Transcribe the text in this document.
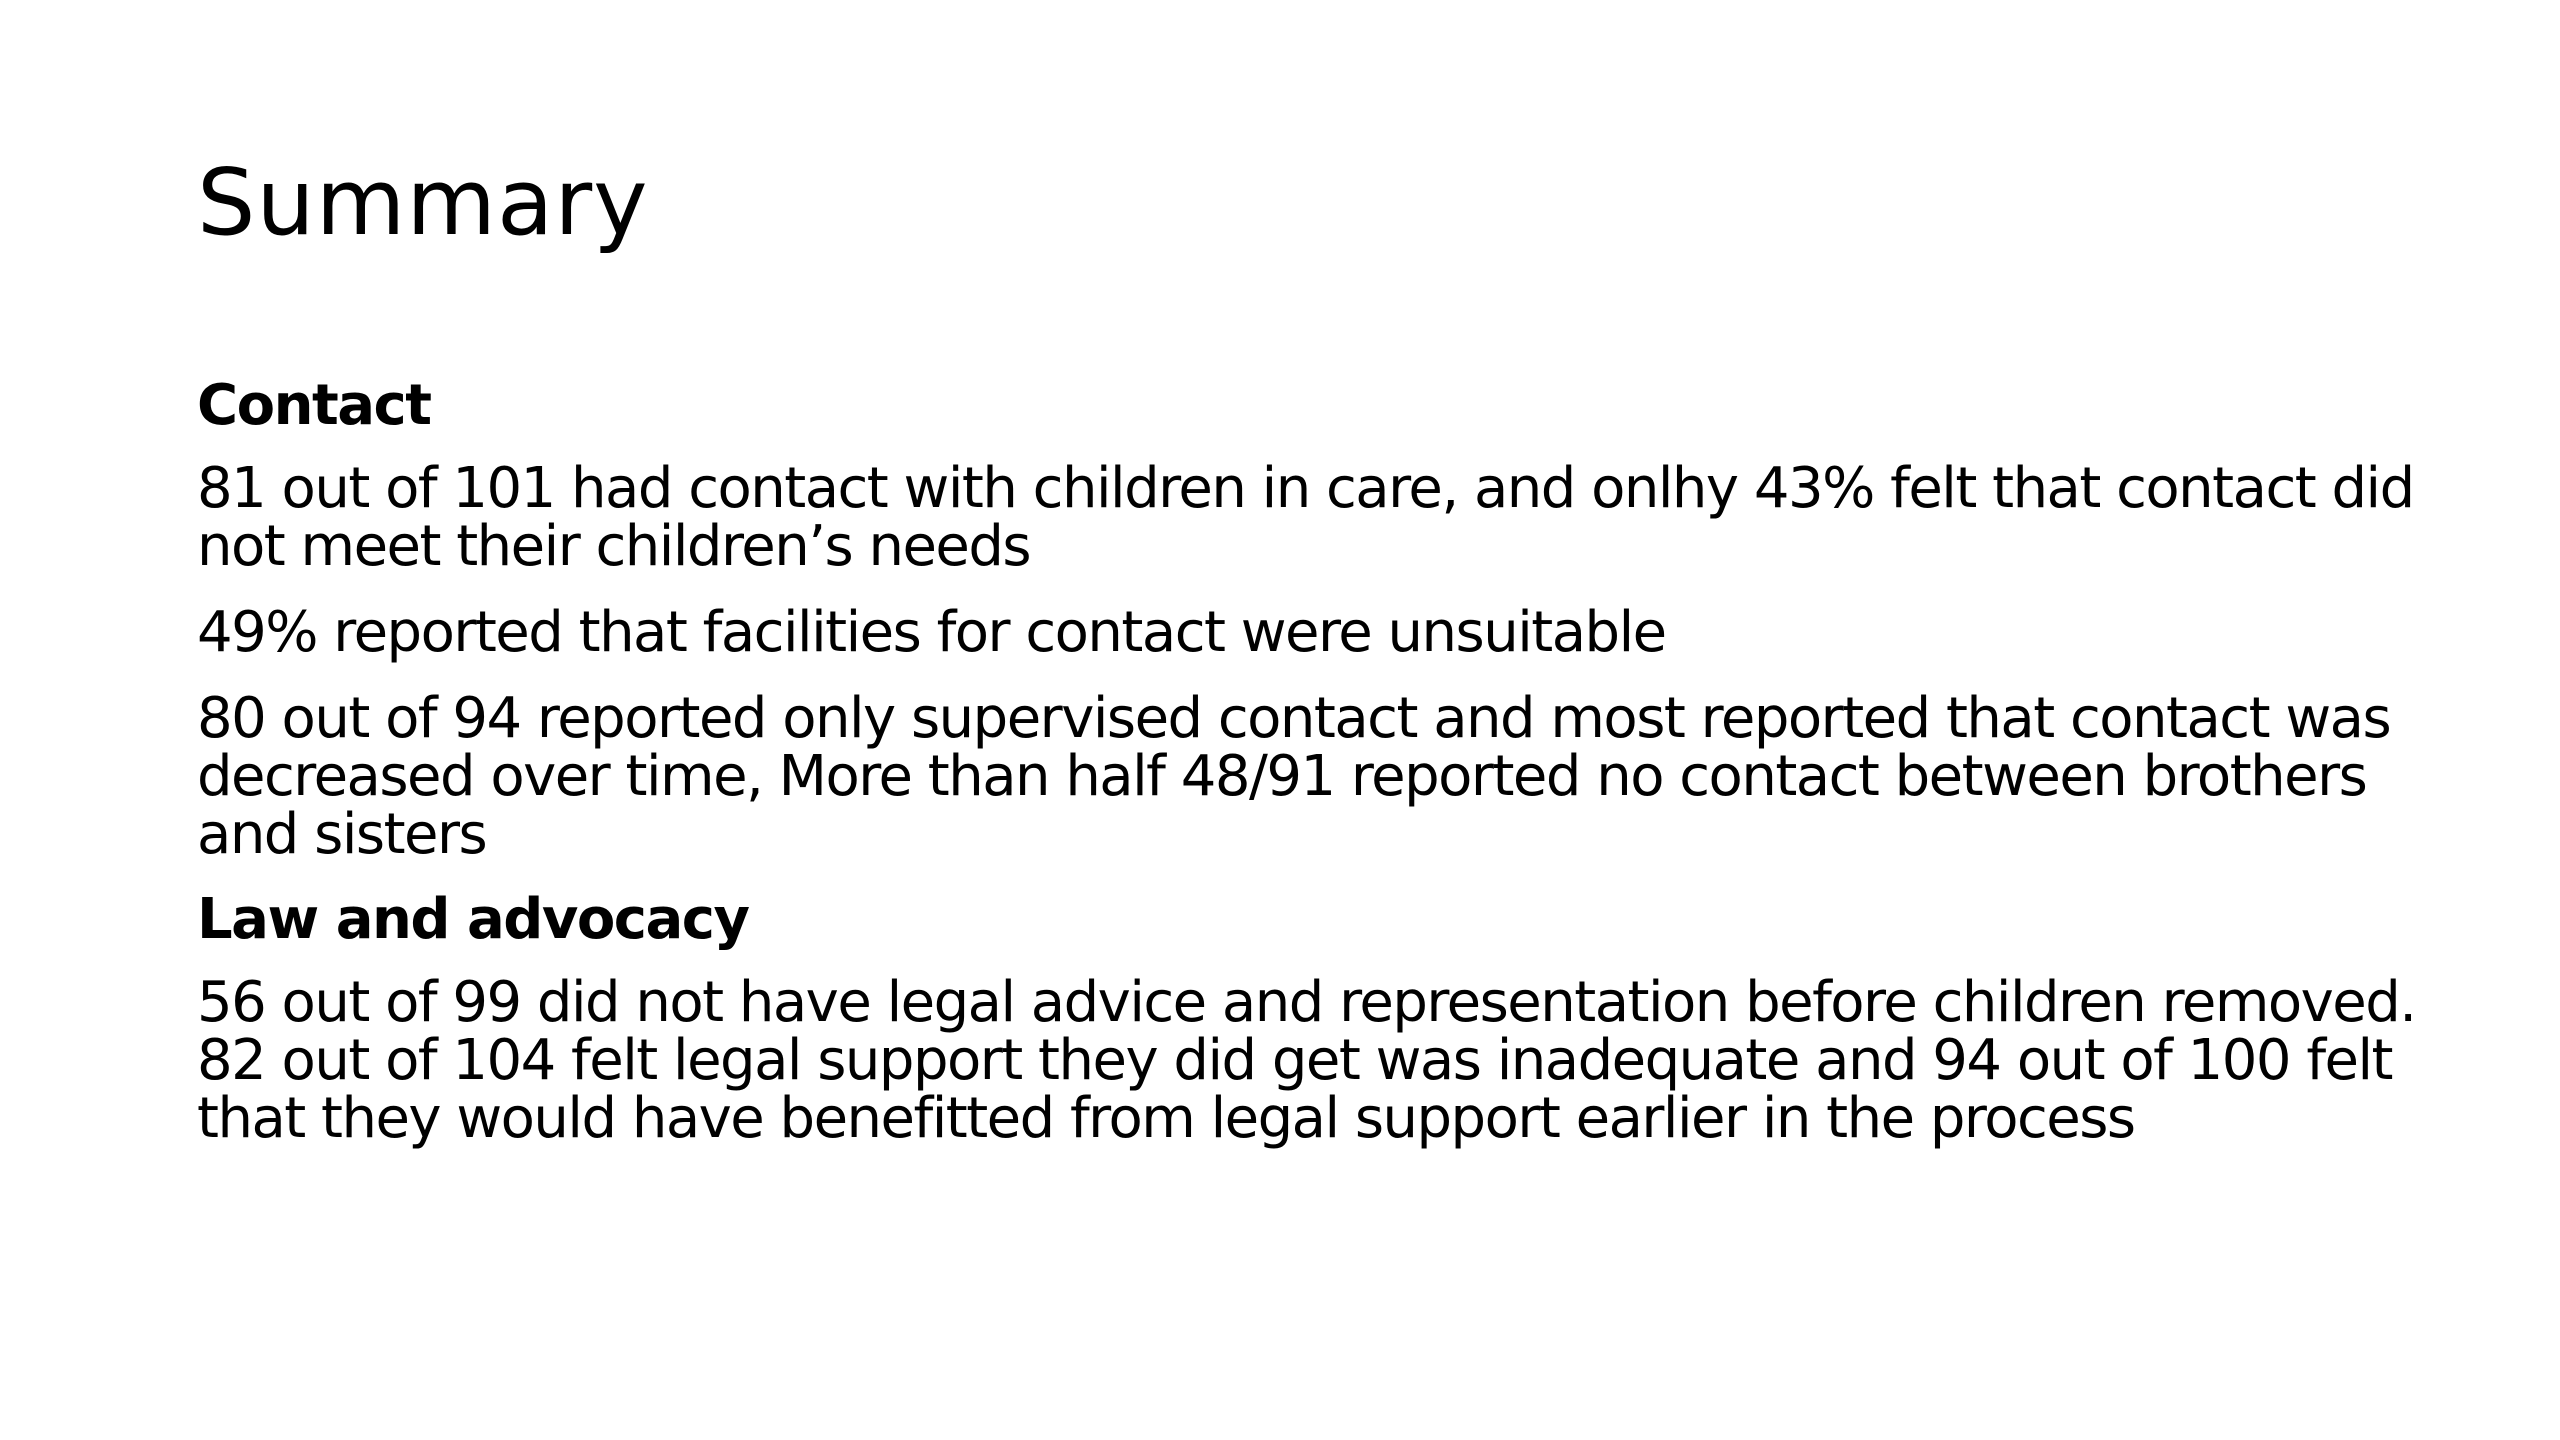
Summary
Contact

81 out of 101 had contact with children in care, and onlhy 43% felt that contact did not meet their children’s needs

49% reported that facilities for contact were unsuitable

80 out of 94 reported only supervised contact and most reported that contact was decreased over time, More than half 48/91 reported no contact between brothers and sisters

Law and advocacy

56 out of 99 did not have legal advice and representation before children removed. 82 out of 104 felt legal support they did get was inadequate and 94 out of 100 felt that they would have benefitted from legal support earlier in the process
